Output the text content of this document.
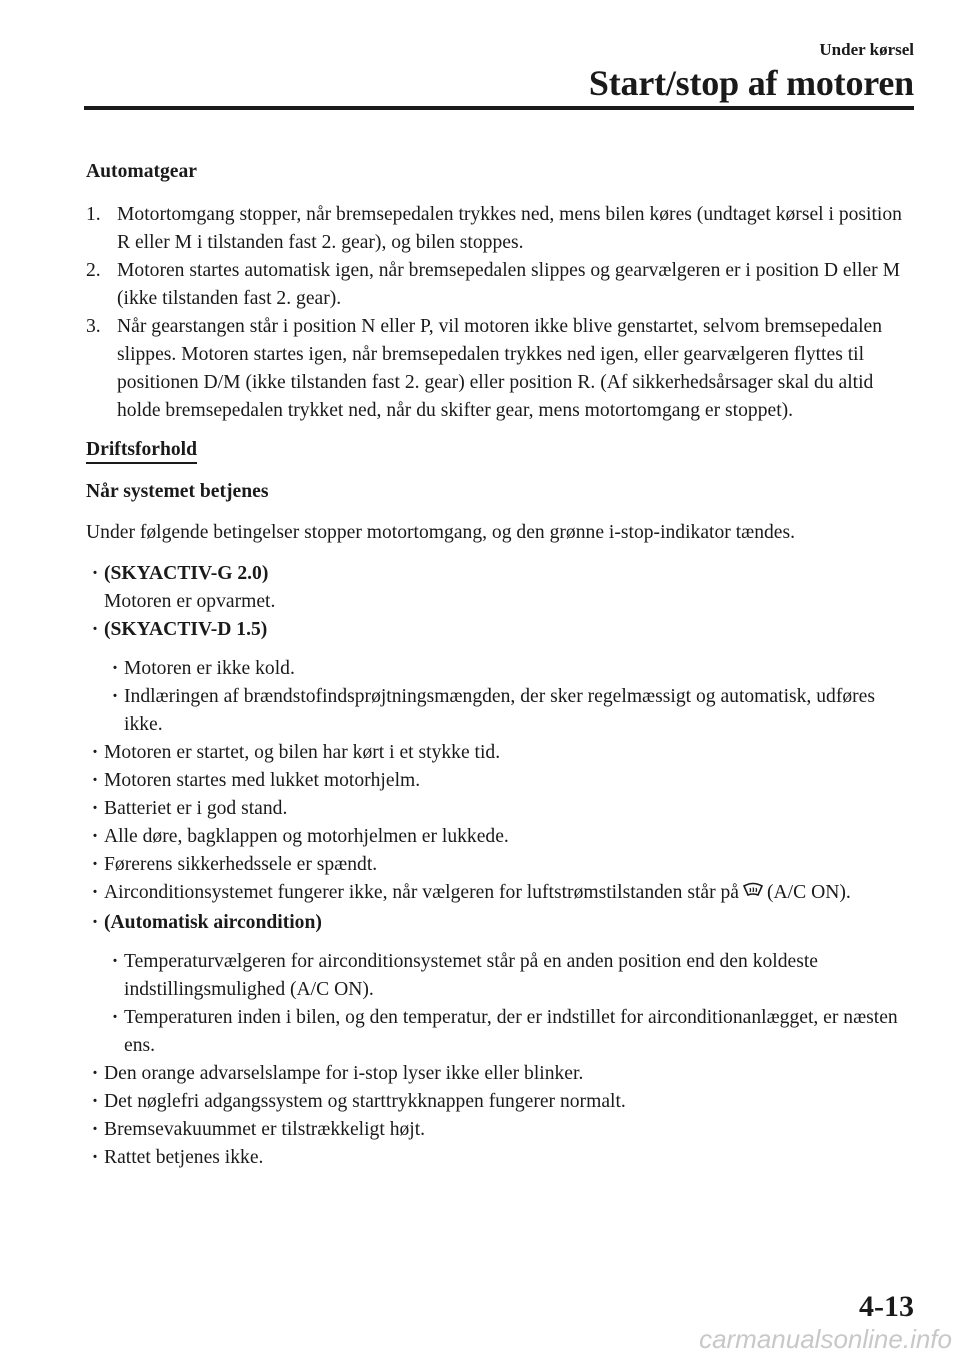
Under kørsel
Start/stop af motoren

Automatgear

1. Motortomgang stopper, når bremsepedalen trykkes ned, mens bilen køres (undtaget kørsel i position R eller M i tilstanden fast 2. gear), og bilen stoppes.
2. Motoren startes automatisk igen, når bremsepedalen slippes og gearvælgeren er i position D eller M (ikke tilstanden fast 2. gear).
3. Når gearstangen står i position N eller P, vil motoren ikke blive genstartet, selvom bremsepedalen slippes. Motoren startes igen, når bremsepedalen trykkes ned igen, eller gearvælgeren flyttes til positionen D/M (ikke tilstanden fast 2. gear) eller position R. (Af sikkerhedsårsager skal du altid holde bremsepedalen trykket ned, når du skifter gear, mens motortomgang er stoppet).
Driftsforhold

Når systemet betjenes

Under følgende betingelser stopper motortomgang, og den grønne i-stop-indikator tændes.

· (SKYACTIV-G 2.0)
Motoren er opvarmet.
· (SKYACTIV-D 1.5)
· Motoren er ikke kold.
· Indlæringen af brændstofindsprøjtningsmængden, der sker regelmæssigt og automatisk, udføres ikke.
· Motoren er startet, og bilen har kørt i et stykke tid.
· Motoren startes med lukket motorhjelm.
· Batteriet er i god stand.
· Alle døre, bagklappen og motorhjelmen er lukkede.
· Førerens sikkerhedssele er spændt.
· Airconditionsystemet fungerer ikke, når vælgeren for luftstrømstilstanden står på (A/C ON).
· (Automatisk aircondition)
· Temperaturvælgeren for airconditionsystemet står på en anden position end den koldeste indstillingsmulighed (A/C ON).
· Temperaturen inden i bilen, og den temperatur, der er indstillet for airconditionanlægget, er næsten ens.
· Den orange advarselslampe for i-stop lyser ikke eller blinker.
· Det nøglefri adgangssystem og starttrykknappen fungerer normalt.
· Bremsevakuummet er tilstrækkeligt højt.
· Rattet betjenes ikke.
4-13
carmanualsonline.info
